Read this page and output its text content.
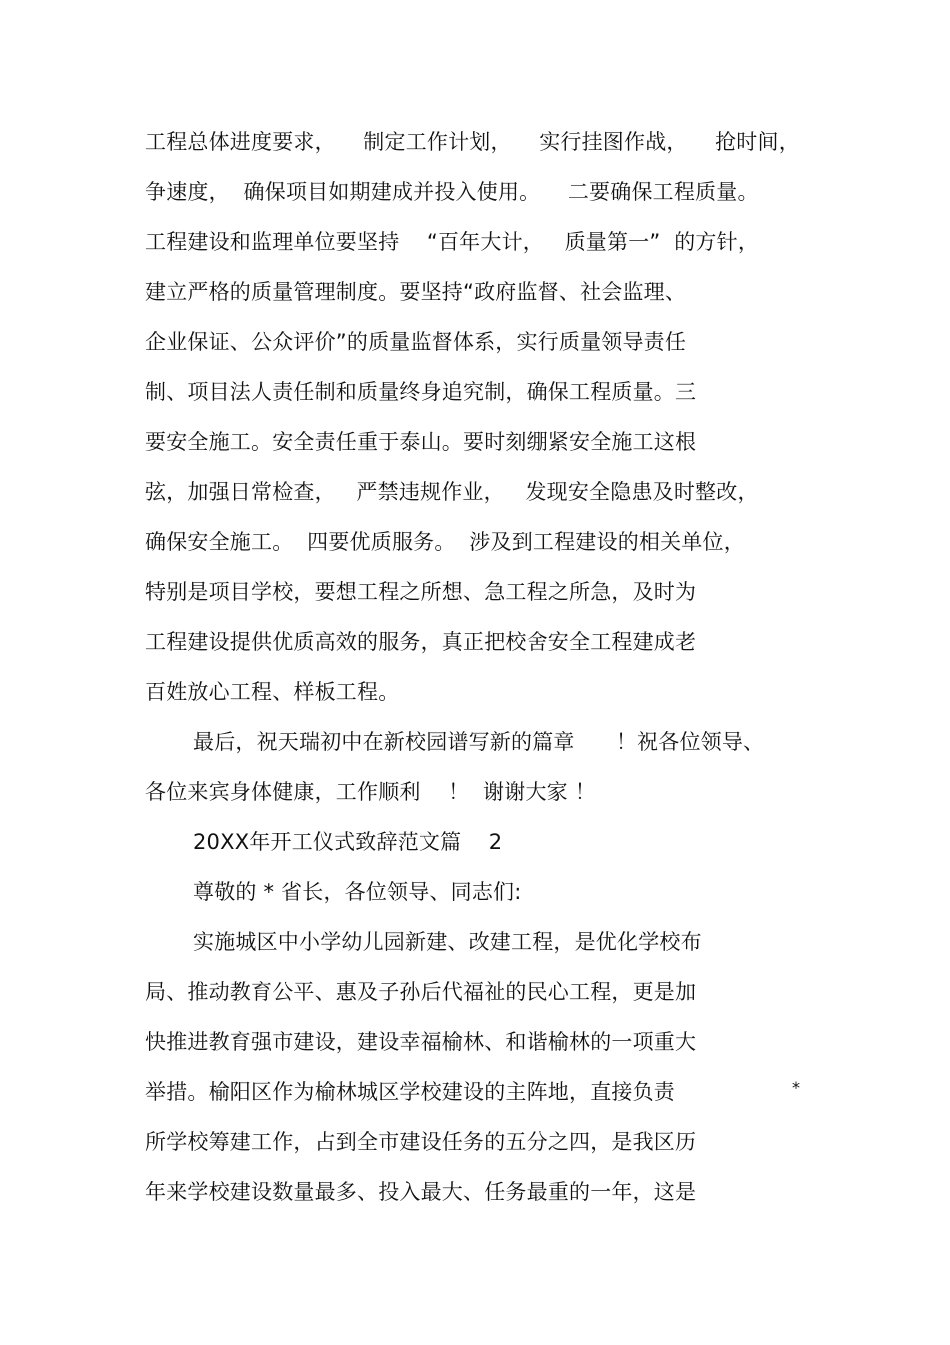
工程总体进度要求，    制定工作计划，    实行挂图作战，    抢时间，
争速度，  确保项目如期建成并投入使用。    二要确保工程质量。
工程建设和监理单位要坚持    “百年大计，   质量第一”  的方针，
建立严格的质量管理制度。要坚持“政府监督、社会监理、
企业保证、公众评价”的质量监督体系，实行质量领导责任
制、项目法人责任制和质量终身追究制，确保工程质量。三
要安全施工。安全责任重于泰山。要时刻绷紧安全施工这根
弦，加强日常检查，   严禁违规作业，   发现安全隐患及时整改，
确保安全施工。  四要优质服务。  涉及到工程建设的相关单位，
特别是项目学校，要想工程之所想、急工程之所急，及时为
工程建设提供优质高效的服务，真正把校舍安全工程建成老
百姓放心工程、样板工程。
最后，祝天瑞初中在新校园谱写新的篇章      ！祝各位领导、
各位来宾身体健康，工作顺利    ！  谢谢大家 ！
20XX年开工仪式致辞范文篇    2
尊敬的 * 省长，各位领导、同志们:
实施城区中小学幼儿园新建、改建工程，是优化学校布
局、推动教育公平、惠及子孙后代福祉的民心工程，更是加
快推进教育强市建设，建设幸福榆林、和谐榆林的一项重大
举措。榆阳区作为榆林城区学校建设的主阵地，直接负责	*
所学校筹建工作，占到全市建设任务的五分之四，是我区历
年来学校建设数量最多、投入最大、任务最重的一年，这是
